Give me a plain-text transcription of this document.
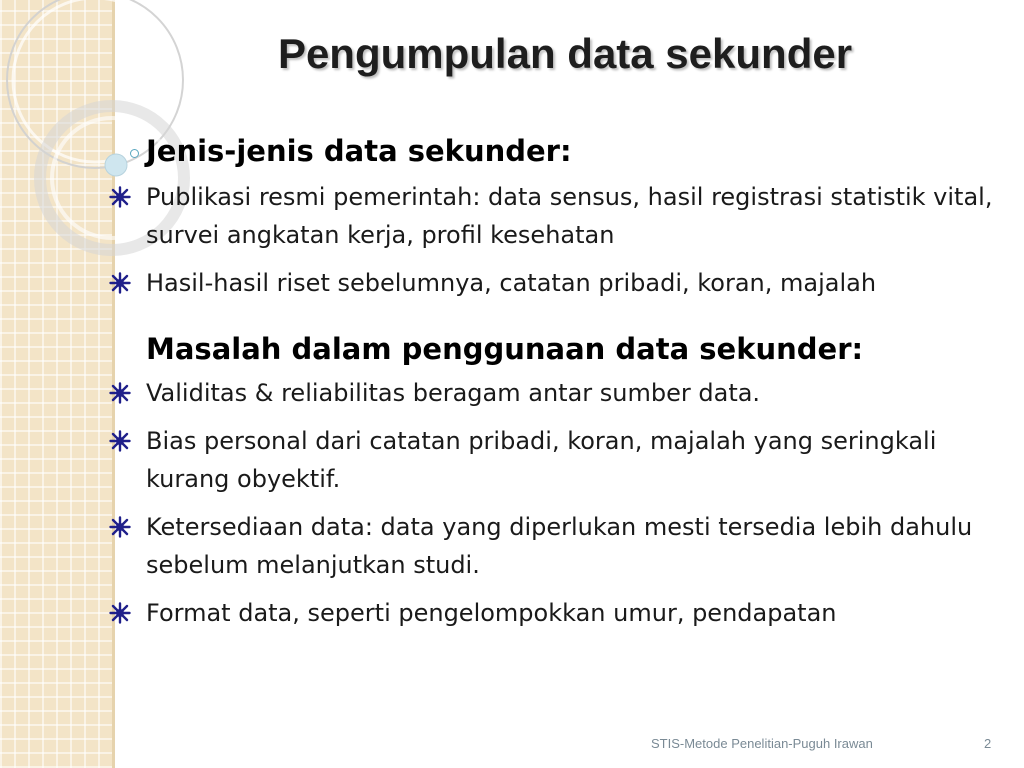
Pengumpulan data sekunder
Jenis-jenis data sekunder:
Publikasi resmi pemerintah: data sensus, hasil registrasi statistik vital, survei angkatan kerja, profil kesehatan
Hasil-hasil riset sebelumnya, catatan pribadi, koran, majalah
Masalah dalam penggunaan data sekunder:
Validitas & reliabilitas beragam antar sumber data.
Bias personal dari catatan pribadi, koran, majalah yang seringkali kurang obyektif.
Ketersediaan data: data yang diperlukan mesti tersedia lebih dahulu sebelum melanjutkan studi.
Format data, seperti pengelompokkan umur, pendapatan
STIS-Metode Penelitian-Puguh Irawan	2
